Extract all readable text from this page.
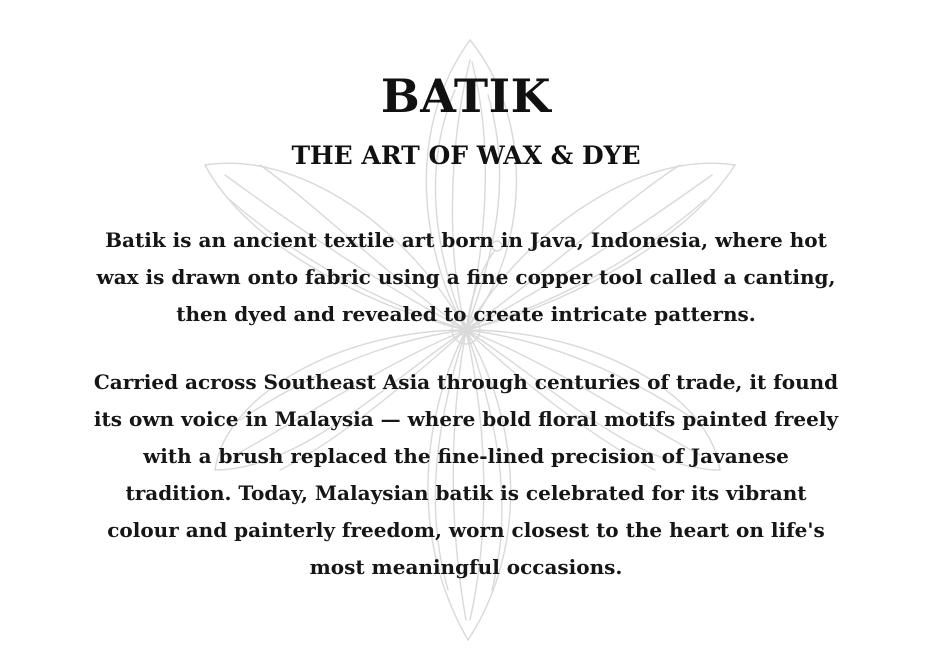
BATIK
THE ART OF WAX & DYE

Batik is an ancient textile art born in Java, Indonesia, where hot
wax is drawn onto fabric using a fine copper tool called a canting,
then dyed and revealed to create intricate patterns.

Carried across Southeast Asia through centuries of trade, it found
its own voice in Malaysia — where bold floral motifs painted freely
with a brush replaced the fine-lined precision of Javanese
tradition. Today, Malaysian batik is celebrated for its vibrant
colour and painterly freedom, worn closest to the heart on life's
most meaningful occasions.
